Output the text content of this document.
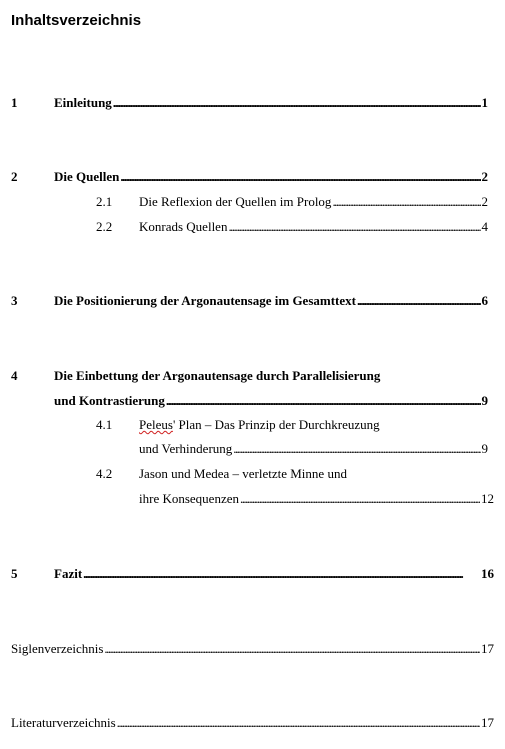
Inhaltsverzeichnis
1	Einleitung . . .	1
2	Die Quellen . . .	2
2.1 Die Reflexion der Quellen im Prolog . . .	2
2.2 Konrads Quellen . . .	4
3	Die Positionierung der Argonautensage im Gesamttext . . .	6
4	Die Einbettung der Argonautensage durch Parallelisierung
und Kontrastierung . . .	9
4.1 Peleus' Plan – Das Prinzip der Durchkreuzung
und Verhinderung . . .	9
4.2 Jason und Medea – verletzte Minne und
ihre Konsequenzen . . .	12
5	Fazit . . .	16
Siglenverzeichnis . . .	17
Literaturverzeichnis . . .	17
